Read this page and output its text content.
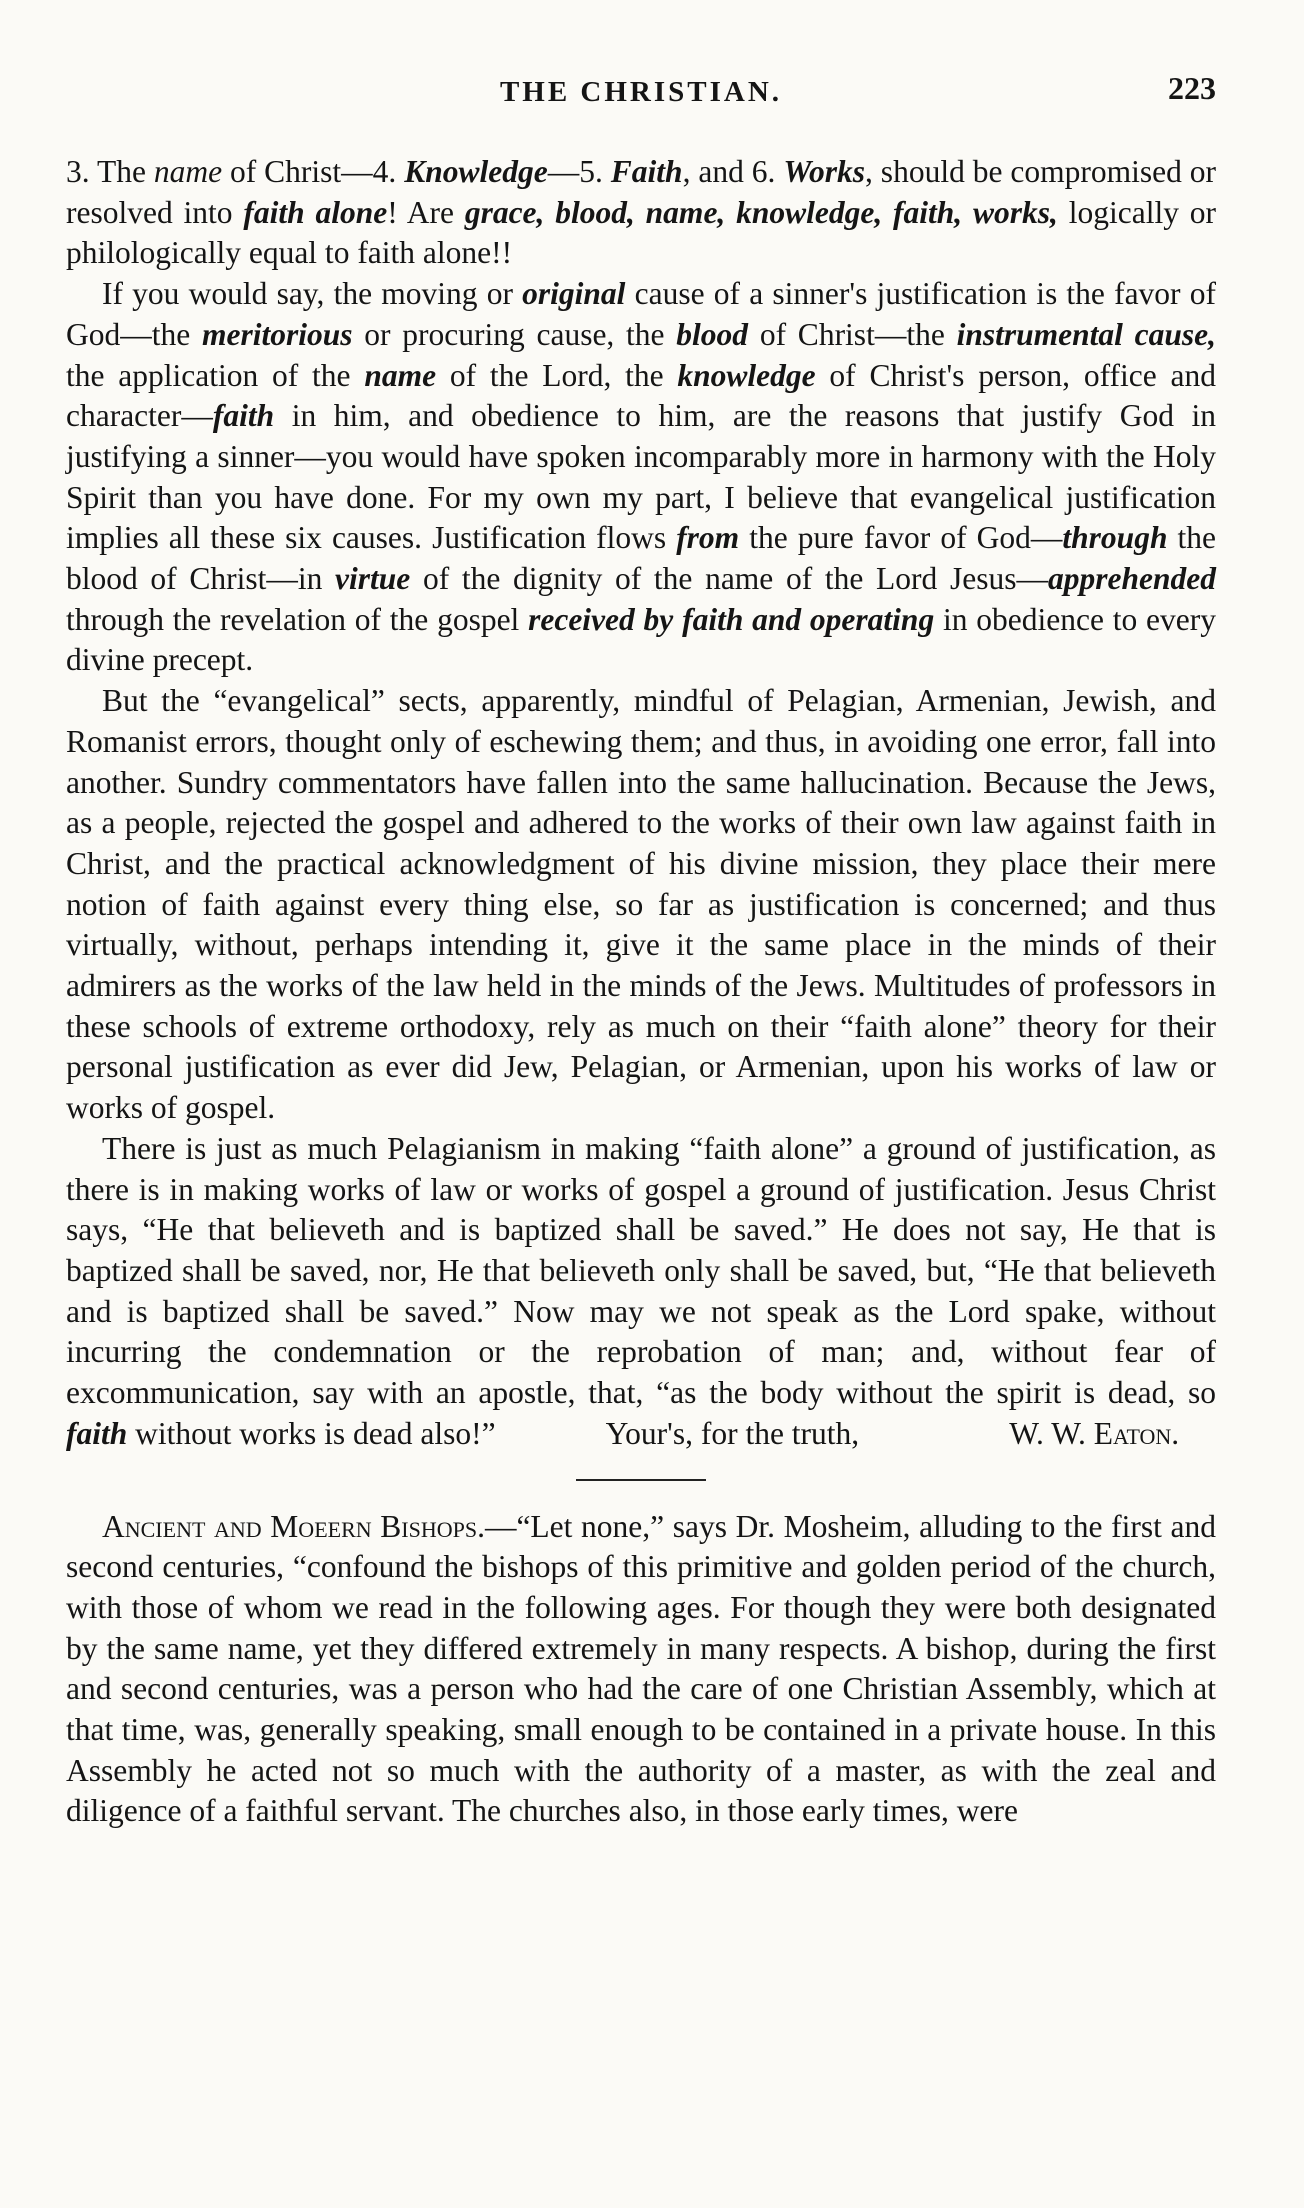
THE CHRISTIAN.	223

3. The name of Christ—4. Knowledge—5. Faith, and 6. Works, should be compromised or resolved into faith alone! Are grace, blood, name, knowledge, faith, works, logically or philologically equal to faith alone!!

If you would say, the moving or original cause of a sinner's justification is the favor of God—the meritorious or procuring cause, the blood of Christ—the instrumental cause, the application of the name of the Lord, the knowledge of Christ's person, office and character—faith in him, and obedience to him, are the reasons that justify God in justifying a sinner—you would have spoken incomparably more in harmony with the Holy Spirit than you have done. For my own my part, I believe that evangelical justification implies all these six causes. Justification flows from the pure favor of God—through the blood of Christ—in virtue of the dignity of the name of the Lord Jesus—apprehended through the revelation of the gospel received by faith and operating in obedience to every divine precept.

But the “evangelical” sects, apparently, mindful of Pelagian, Armenian, Jewish, and Romanist errors, thought only of eschewing them; and thus, in avoiding one error, fall into another. Sundry commentators have fallen into the same hallucination. Because the Jews, as a people, rejected the gospel and adhered to the works of their own law against faith in Christ, and the practical acknowledgment of his divine mission, they place their mere notion of faith against every thing else, so far as justification is concerned; and thus virtually, without, perhaps intending it, give it the same place in the minds of their admirers as the works of the law held in the minds of the Jews. Multitudes of professors in these schools of extreme orthodoxy, rely as much on their “faith alone” theory for their personal justification as ever did Jew, Pelagian, or Armenian, upon his works of law or works of gospel.

There is just as much Pelagianism in making “faith alone” a ground of justification, as there is in making works of law or works of gospel a ground of justification. Jesus Christ says, “He that believeth and is baptized shall be saved.” He does not say, He that is baptized shall be saved, nor, He that believeth only shall be saved, but, “He that believeth and is baptized shall be saved.” Now may we not speak as the Lord spake, without incurring the condemnation or the reprobation of man; and, without fear of excommunication, say with an apostle, that, “as the body without the spirit is dead, so faith without works is dead also!”	Your's, for the truth,	W. W. Eaton.

Ancient and Moeern Bishops.—“Let none,” says Dr. Mosheim, alluding to the first and second centuries, “confound the bishops of this primitive and golden period of the church, with those of whom we read in the following ages. For though they were both designated by the same name, yet they differed extremely in many respects. A bishop, during the first and second centuries, was a person who had the care of one Christian Assembly, which at that time, was, generally speaking, small enough to be contained in a private house. In this Assembly he acted not so much with the authority of a master, as with the zeal and diligence of a faithful servant. The churches also, in those early times, were
